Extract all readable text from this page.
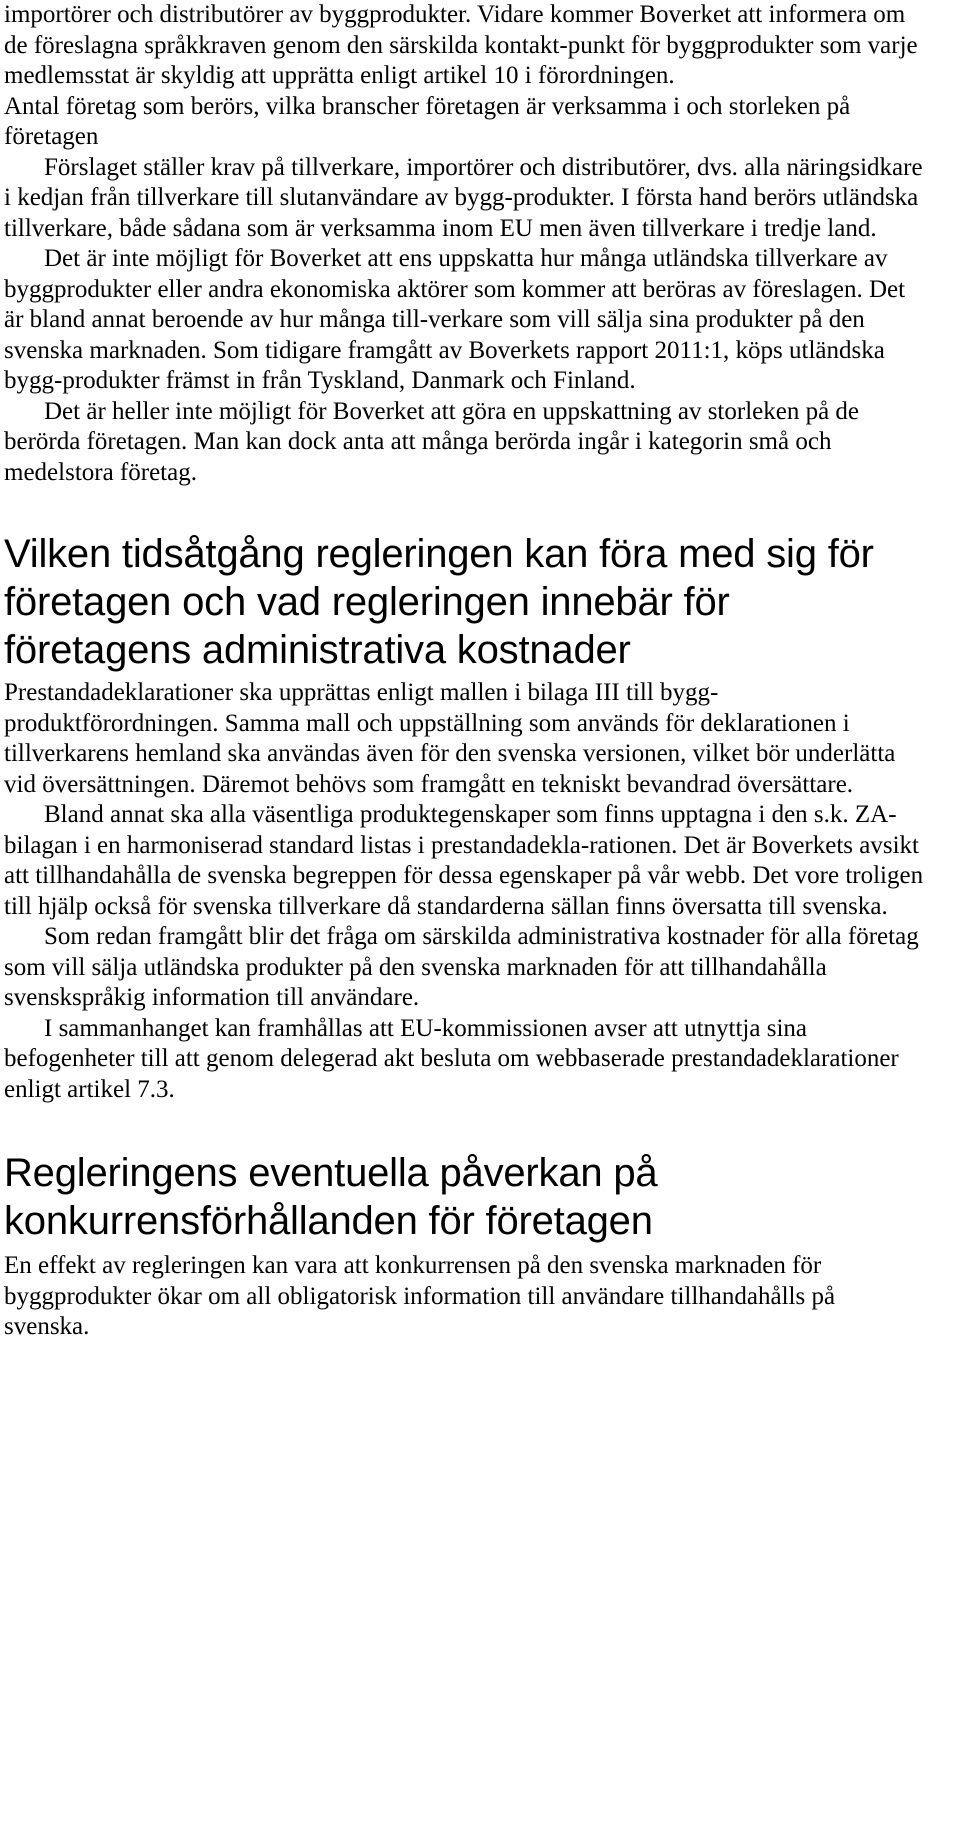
importörer och distributörer av byggprodukter. Vidare kommer Boverket att informera om de föreslagna språkkraven genom den särskilda kontakt-punkt för byggprodukter som varje medlemsstat är skyldig att upprätta enligt artikel 10 i förordningen.

Antal företag som berörs, vilka branscher företagen är verksamma i och storleken på företagen

Förslaget ställer krav på tillverkare, importörer och distributörer, dvs. alla näringsidkare i kedjan från tillverkare till slutanvändare av bygg-produkter. I första hand berörs utländska tillverkare, både sådana som är verksamma inom EU men även tillverkare i tredje land.

Det är inte möjligt för Boverket att ens uppskatta hur många utländska tillverkare av byggprodukter eller andra ekonomiska aktörer som kommer att beröras av föreslagen. Det är bland annat beroende av hur många till-verkare som vill sälja sina produkter på den svenska marknaden. Som tidigare framgått av Boverkets rapport 2011:1, köps utländska bygg-produkter främst in från Tyskland, Danmark och Finland.

Det är heller inte möjligt för Boverket att göra en uppskattning av storleken på de berörda företagen. Man kan dock anta att många berörda ingår i kategorin små och medelstora företag.

Vilken tidsåtgång regleringen kan föra med sig för företagen och vad regleringen innebär för företagens administrativa kostnader

Prestandadeklarationer ska upprättas enligt mallen i bilaga III till bygg-produktförordningen. Samma mall och uppställning som används för deklarationen i tillverkarens hemland ska användas även för den svenska versionen, vilket bör underlätta vid översättningen. Däremot behövs som framgått en tekniskt bevandrad översättare.

Bland annat ska alla väsentliga produktegenskaper som finns upptagna i den s.k. ZA-bilagan i en harmoniserad standard listas i prestandadekla-rationen. Det är Boverkets avsikt att tillhandahålla de svenska begreppen för dessa egenskaper på vår webb. Det vore troligen till hjälp också för svenska tillverkare då standarderna sällan finns översatta till svenska.

Som redan framgått blir det fråga om särskilda administrativa kostnader för alla företag som vill sälja utländska produkter på den svenska marknaden för att tillhandahålla svenskspråkig information till användare.

I sammanhanget kan framhållas att EU-kommissionen avser att utnyttja sina befogenheter till att genom delegerad akt besluta om webbaserade prestandadeklarationer enligt artikel 7.3.

Regleringens eventuella påverkan på konkurrensförhållanden för företagen

En effekt av regleringen kan vara att konkurrensen på den svenska marknaden för byggprodukter ökar om all obligatorisk information till användare tillhandahålls på svenska.
